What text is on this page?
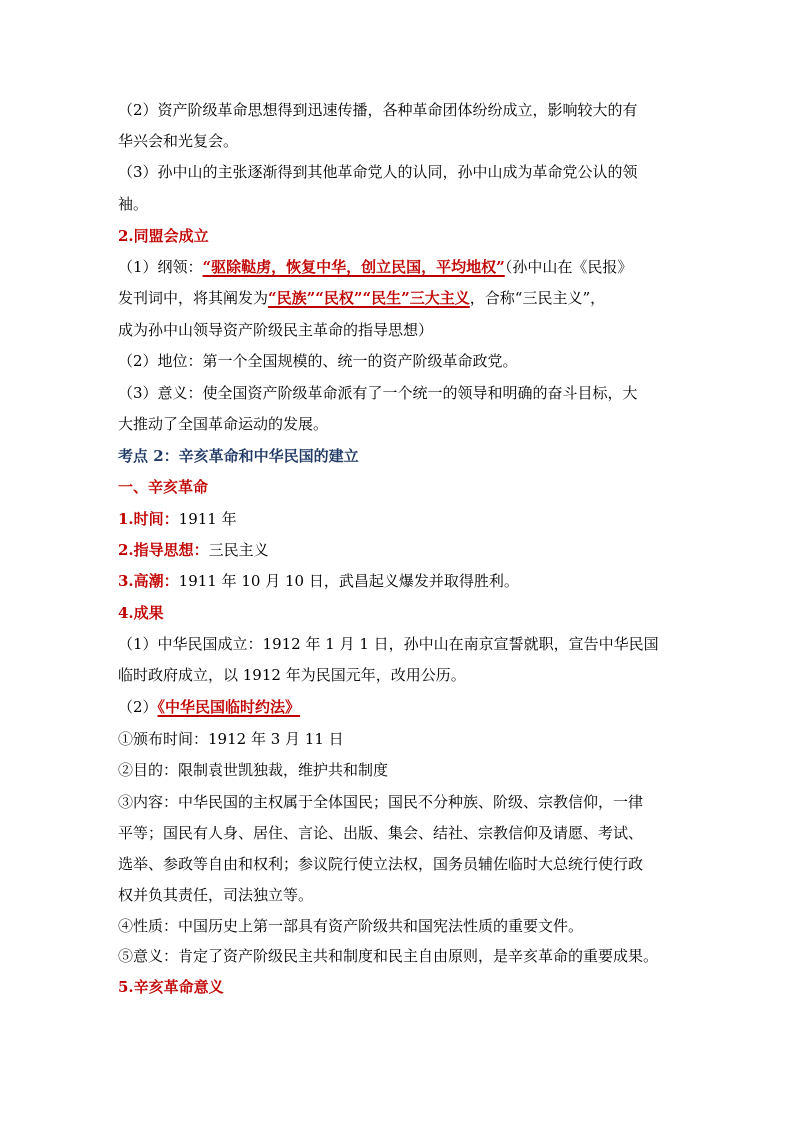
（2）资产阶级革命思想得到迅速传播，各种革命团体纷纷成立，影响较大的有
华兴会和光复会。
（3）孙中山的主张逐渐得到其他革命党人的认同，孙中山成为革命党公认的领
袖。
2.同盟会成立
（1）纲领：“驱除鞑虏，恢复中华，创立民国，平均地权”（孙中山在《民报》
发刊词中，将其阐发为“民族”“民权”“民生”三大主义，合称“三民主义”，
成为孙中山领导资产阶级民主革命的指导思想）
（2）地位：第一个全国规模的、统一的资产阶级革命政党。
（3）意义：使全国资产阶级革命派有了一个统一的领导和明确的奋斗目标，大
大推动了全国革命运动的发展。
考点 2：辛亥革命和中华民国的建立
一、辛亥革命
1.时间：1911 年
2.指导思想：三民主义
3.高潮：1911 年 10 月 10 日，武昌起义爆发并取得胜利。
4.成果
（1）中华民国成立：1912 年 1 月 1 日，孙中山在南京宣誓就职，宣告中华民国
临时政府成立，以 1912 年为民国元年，改用公历。
（2）《中华民国临时约法》
①颁布时间：1912 年 3 月 11 日
②目的：限制袁世凯独裁，维护共和制度
③内容：中华民国的主权属于全体国民；国民不分种族、阶级、宗教信仰，一律
平等；国民有人身、居住、言论、出版、集会、结社、宗教信仰及请愿、考试、
选举、参政等自由和权利；参议院行使立法权，国务员辅佐临时大总统行使行政
权并负其责任，司法独立等。
④性质：中国历史上第一部具有资产阶级共和国宪法性质的重要文件。
⑤意义：肯定了资产阶级民主共和制度和民主自由原则，是辛亥革命的重要成果。
5.辛亥革命意义
